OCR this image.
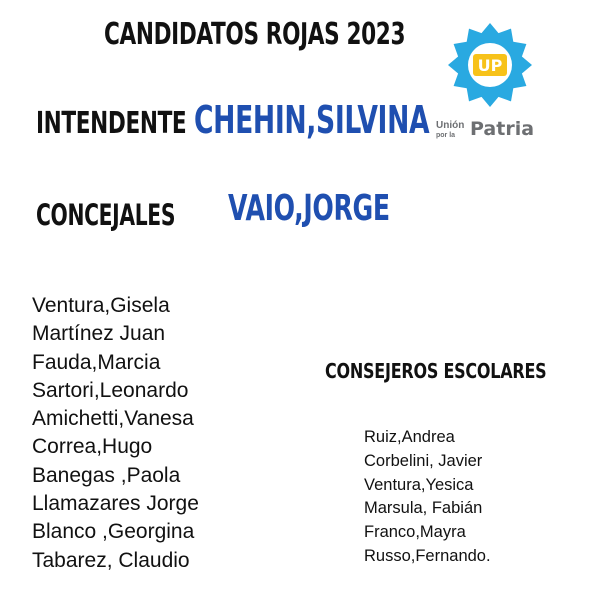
CANDIDATOS ROJAS 2023
INTENDENTE CHEHIN,SILVINA
CONCEJALES VAIO,JORGE
Ventura,Gisela
Martínez Juan
Fauda,Marcia
Sartori,Leonardo
Amichetti,Vanesa
Correa,Hugo
Banegas ,Paola
Llamazares Jorge
Blanco ,Georgina
Tabarez, Claudio
CONSEJEROS ESCOLARES
Ruiz,Andrea
Corbelini, Javier
Ventura,Yesica
Marsula, Fabián
Franco,Mayra
Russo,Fernando.
UP
Unión
por la Patria
